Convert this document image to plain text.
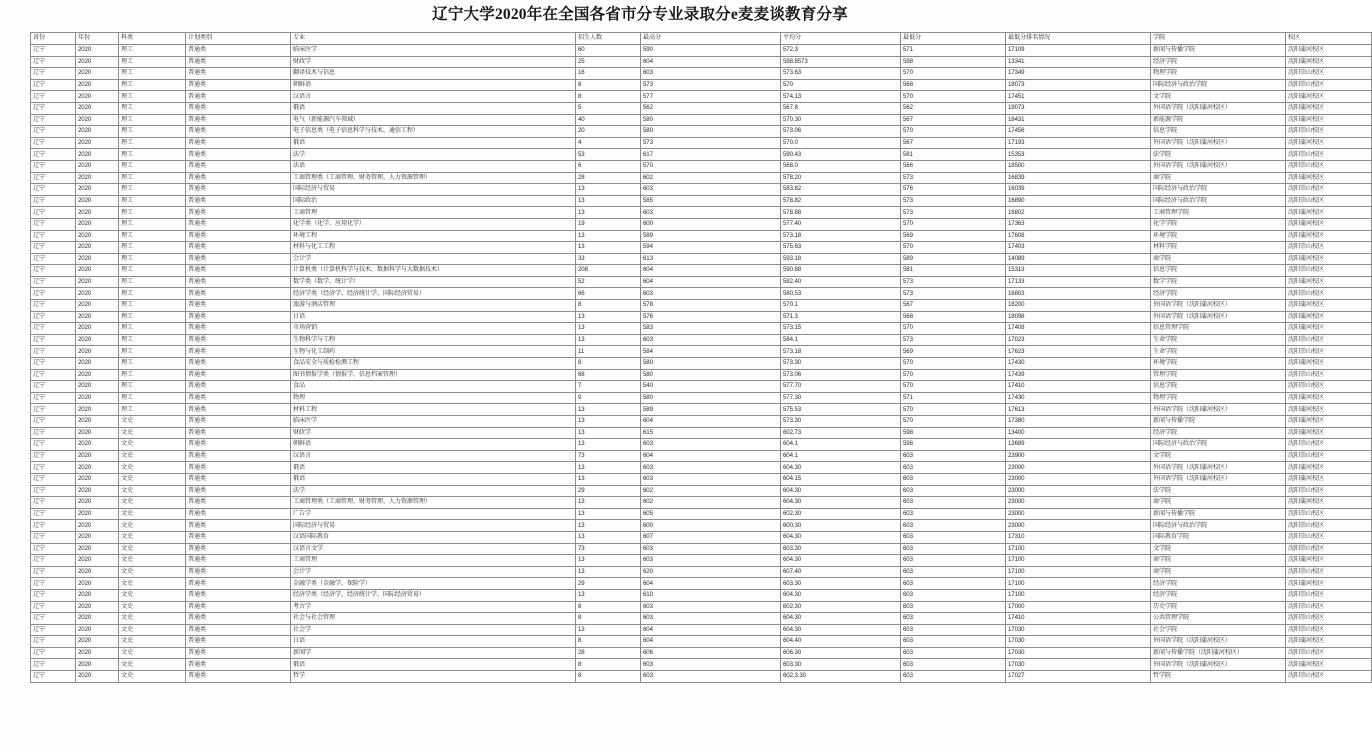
辽宁大学2020年在全国各省市分专业录取分e麦麦谈教育分享
省份	年份	科类	计划类别	专业	招生人数	最高分	平均分	最低分	最低分排名情况	学院	校区
辽宁	2020	理工	普通类	临床医学	60	590	572.3	571	17109	新闻与传播学院	沈阳蒲河校区
辽宁	2020	理工	普通类	财政学	25	604	598.8573	598	13341	经济学院	沈阳蒲河校区
辽宁	2020	理工	普通类	翻译技术与信息	16	603	573.63	570	17349	物理学院	沈阳崇山校区
辽宁	2020	理工	普通类	朝鲜语	8	573	570	568	18073	国际经济与政治学院	沈阳崇山校区
辽宁	2020	理工	普通类	汉语言	8	577	574.13	570	17451	文学院	沈阳蒲河校区
辽宁	2020	理工	普通类	俄语	5	562	567.8	562	19073	外国语学院（沈阳蒲河校区）	沈阳蒲河校区
辽宁	2020	理工	普通类	电气（新能源汽车领域）	40	580	570.30	567	18431	新能源学院	沈阳蒲河校区
辽宁	2020	理工	普通类	电子信息类（电子信息科学与技术、通信工程）	20	580	573.06	570	17456	信息学院	沈阳崇山校区
辽宁	2020	理工	普通类	俄语	4	573	570.0	567	17193	外国语学院（沈阳蒲河校区）	沈阳蒲河校区
辽宁	2020	理工	普通类	法学	53	617	590.43	581	15353	法学院	沈阳崇山校区
辽宁	2020	理工	普通类	法语	6	570	568.0	566	18500	外国语学院（沈阳蒲河校区）	沈阳崇山校区
辽宁	2020	理工	普通类	工商管理类（工商管理、财务管理、人力资源管理）	28	602	578.20	573	16839	商学院	沈阳蒲河校区
辽宁	2020	理工	普通类	国际经济与贸易	13	603	583.82	576	16039	国际经济与政治学院	沈阳崇山校区
辽宁	2020	理工	普通类	国际政治	13	585	578.82	573	16890	国际经济与政治学院	沈阳崇山校区
辽宁	2020	理工	普通类	工商管理	13	603	578.88	573	16802	工商管理学院	沈阳蒲河校区
辽宁	2020	理工	普通类	化学类（化学、应用化学）	19	600	577.40	570	17363	化学学院	沈阳蒲河校区
辽宁	2020	理工	普通类	环境工程	13	589	573.18	569	17608	环境学院	沈阳蒲河校区
辽宁	2020	理工	普通类	材料与化工工程	13	594	575.63	570	17403	材料学院	沈阳崇山校区
辽宁	2020	理工	普通类	会计学	33	613	593.18	589	14089	商学院	沈阳蒲河校区
辽宁	2020	理工	普通类	计算机类（计算机科学与技术、数据科学与大数据技术）	208	604	590.88	581	15313	信息学院	沈阳崇山校区
辽宁	2020	理工	普通类	数学类（数学、统计学）	52	604	582.40	573	17133	数学学院	沈阳蒲河校区
辽宁	2020	理工	普通类	经济学类（经济学、经济统计学、国际经济贸易）	66	603	580.53	573	16803	经济学院	沈阳崇山校区
辽宁	2020	理工	普通类	旅游与酒店管理	8	578	570.1	567	18200	外国语学院（沈阳蒲河校区）	沈阳蒲河校区
辽宁	2020	理工	普通类	日语	13	576	571.3	568	18098	外国语学院（沈阳蒲河校区）	沈阳蒲河校区
辽宁	2020	理工	普通类	市场营销	13	583	573.15	570	17408	信息管理学院	沈阳蒲河校区
辽宁	2020	理工	普通类	生物科学与工程	13	603	584.1	573	17023	生命学院	沈阳崇山校区
辽宁	2020	理工	普通类	生物与化工制药	11	584	573.18	569	17623	生命学院	沈阳崇山校区
辽宁	2020	理工	普通类	食品安全与质检检测工程	8	580	573.30	570	17430	环境学院	沈阳蒲河校区
辽宁	2020	理工	普通类	图书情报学类（情报学、信息档案管理）	68	580	573.06	570	17439	管理学院	沈阳崇山校区
辽宁	2020	理工	普通类	食品	7	540	577.70	570	17410	信息学院	沈阳崇山校区
辽宁	2020	理工	普通类	物理	9	580	577.30	571	17430	物理学院	沈阳蒲河校区
辽宁	2020	理工	普通类	材料工程	13	589	575.53	570	17613	外国语学院（沈阳蒲河校区）	沈阳蒲河校区
辽宁	2020	文史	普通类	临床医学	13	604	573.30	570	17380	新闻与传播学院	沈阳蒲河校区
辽宁	2020	文史	普通类	财政学	13	615	602.73	598	13400	经济学院	沈阳蒲河校区
辽宁	2020	文史	普通类	朝鲜语	13	603	604.1	598	13689	国际经济与政治学院	沈阳崇山校区
辽宁	2020	文史	普通类	汉语言	73	604	604.1	603	23900	文学院	沈阳崇山校区
辽宁	2020	文史	普通类	俄语	13	603	604.30	603	23000	外国语学院（沈阳蒲河校区）	沈阳蒲河校区
辽宁	2020	文史	普通类	俄语	13	603	604.15	603	23000	外国语学院（沈阳蒲河校区）	沈阳蒲河校区
辽宁	2020	文史	普通类	法学	29	602	604.30	603	23000	法学院	沈阳崇山校区
辽宁	2020	文史	普通类	工商管理类（工商管理、财务管理、人力资源管理）	13	602	604.30	603	23000	商学院	沈阳蒲河校区
辽宁	2020	文史	普通类	广告学	13	605	602.30	603	23000	新闻与传播学院	沈阳崇山校区
辽宁	2020	文史	普通类	国际经济与贸易	13	600	600.30	603	23000	国际经济与政治学院	沈阳崇山校区
辽宁	2020	文史	普通类	汉语国际教育	13	607	604.30	603	17310	国际教育学院	沈阳崇山校区
辽宁	2020	文史	普通类	汉语言文学	73	603	603.30	603	17100	文学院	沈阳崇山校区
辽宁	2020	文史	普通类	工商管理	13	603	604.30	603	17100	商学院	沈阳蒲河校区
辽宁	2020	文史	普通类	会计学	13	620	607.40	603	17100	商学院	沈阳崇山校区
辽宁	2020	文史	普通类	金融学类（金融学、保险学）	29	604	603.30	603	17100	经济学院	沈阳蒲河校区
辽宁	2020	文史	普通类	经济学类（经济学、经济统计学、国际经济贸易）	13	610	604.30	603	17100	经济学院	沈阳崇山校区
辽宁	2020	文史	普通类	考古学	8	603	602.30	603	17000	历史学院	沈阳崇山校区
辽宁	2020	文史	普通类	社会与社会管理	8	603	604.30	603	17410	公共管理学院	沈阳崇山校区
辽宁	2020	文史	普通类	社会学	13	604	604.30	603	17030	社会学院	沈阳崇山校区
辽宁	2020	文史	普通类	日语	8	604	604.40	603	17030	外国语学院（沈阳蒲河校区）	沈阳蒲河校区
辽宁	2020	文史	普通类	新闻学	28	606	606.30	603	17030	新闻与传播学院（沈阳蒲河校区）	沈阳崇山校区
辽宁	2020	文史	普通类	俄语	8	603	603.30	603	17030	外国语学院（沈阳蒲河校区）	沈阳蒲河校区
辽宁	2020	文史	普通类	哲学	8	603	602.3.30	603	17027	哲学院	沈阳崇山校区
